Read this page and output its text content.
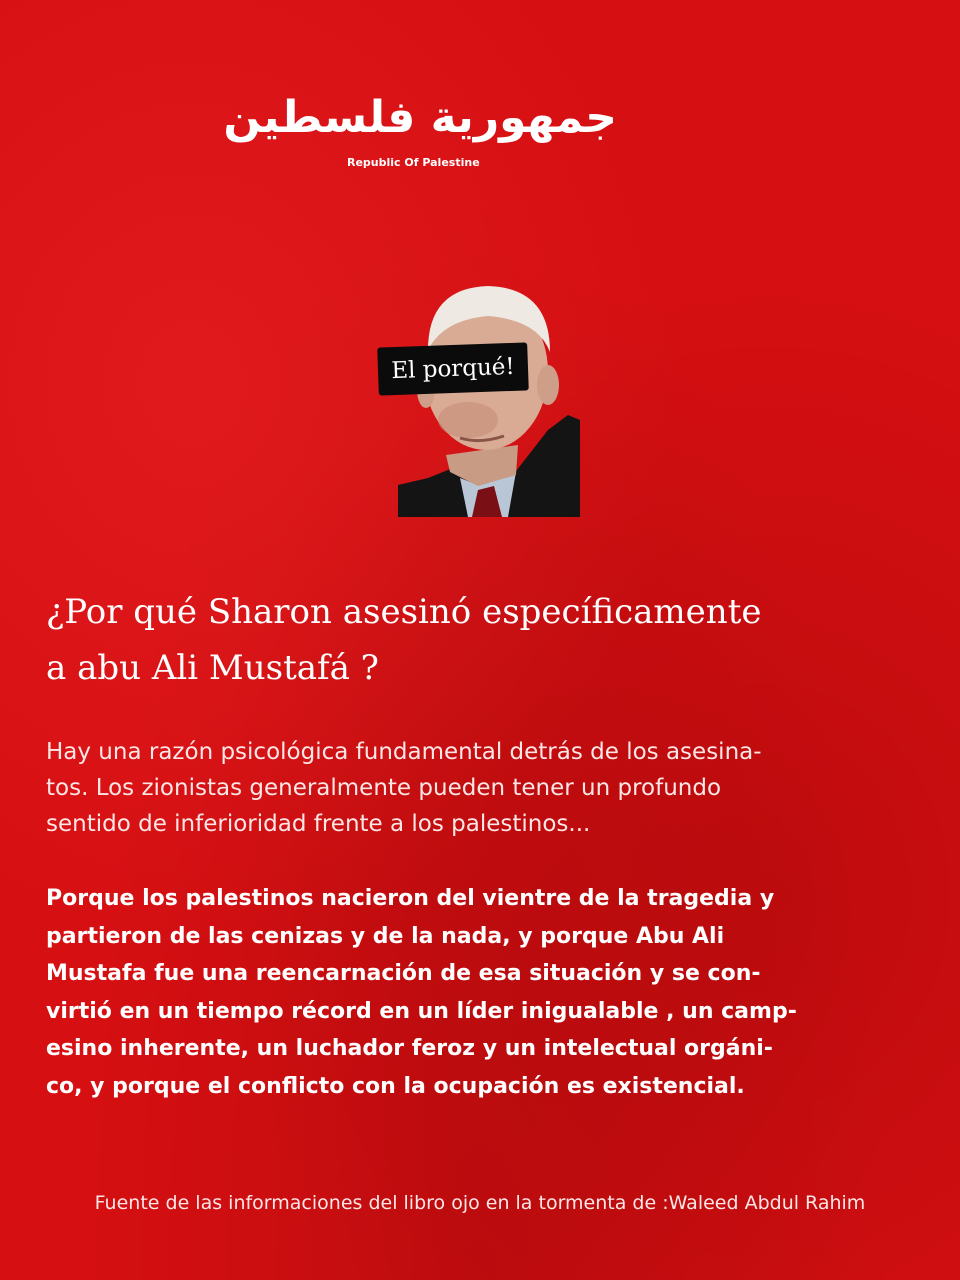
جمهورية فلسطين
Republic Of Palestine
El porqué!
¿Por qué Sharon asesinó específicamente
a abu Ali Mustafá ?

Hay una razón psicológica fundamental detrás de los asesina-
tos. Los zionistas generalmente pueden tener un profundo
sentido de inferioridad frente a los palestinos...

Porque los palestinos nacieron del vientre de la tragedia y
partieron de las cenizas y de la nada, y porque Abu Ali
Mustafa fue una reencarnación de esa situación y se con-
virtió en un tiempo récord en un líder inigualable , un camp-
esino inherente, un luchador feroz y un intelectual orgáni-
co, y porque el conflicto con la ocupación es existencial.

Fuente de las informaciones del libro ojo en la tormenta de :Waleed Abdul Rahim
